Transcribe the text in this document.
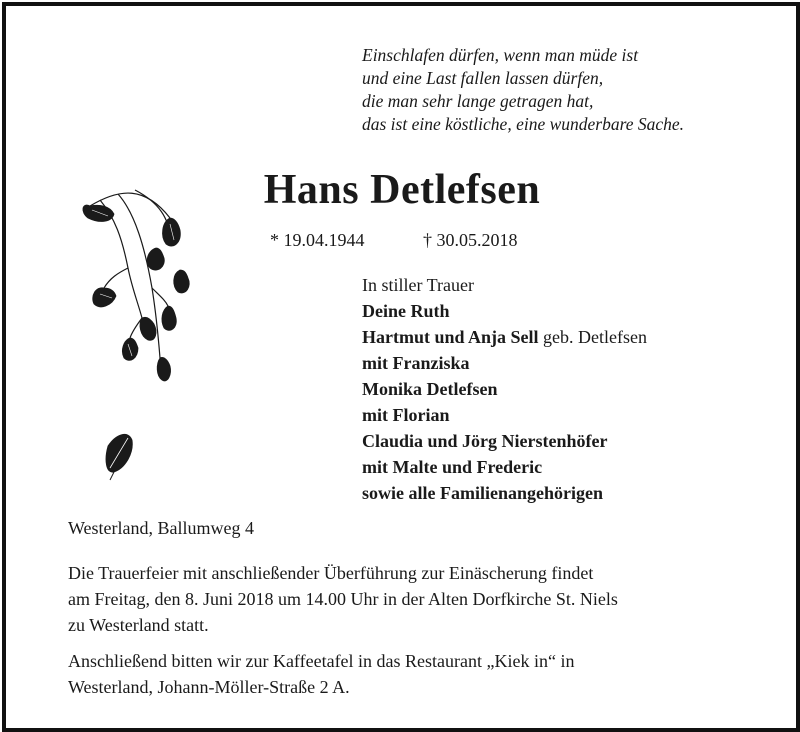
Einschlafen dürfen, wenn man müde ist
und eine Last fallen lassen dürfen,
die man sehr lange getragen hat,
das ist eine köstliche, eine wunderbare Sache.
Hans Detlefsen
* 19.04.1944	† 30.05.2018
In stiller Trauer
Deine Ruth
Hartmut und Anja Sell geb. Detlefsen
mit Franziska
Monika Detlefsen
mit Florian
Claudia und Jörg Nierstenhöfer
mit Malte und Frederic
sowie alle Familienangehörigen
Westerland, Ballumweg 4
Die Trauerfeier mit anschließender Überführung zur Einäscherung findet
am Freitag, den 8. Juni 2018 um 14.00 Uhr in der Alten Dorfkirche St. Niels
zu Westerland statt.
Anschließend bitten wir zur Kaffeetafel in das Restaurant „Kiek in“ in
Westerland, Johann-Möller-Straße 2 A.
